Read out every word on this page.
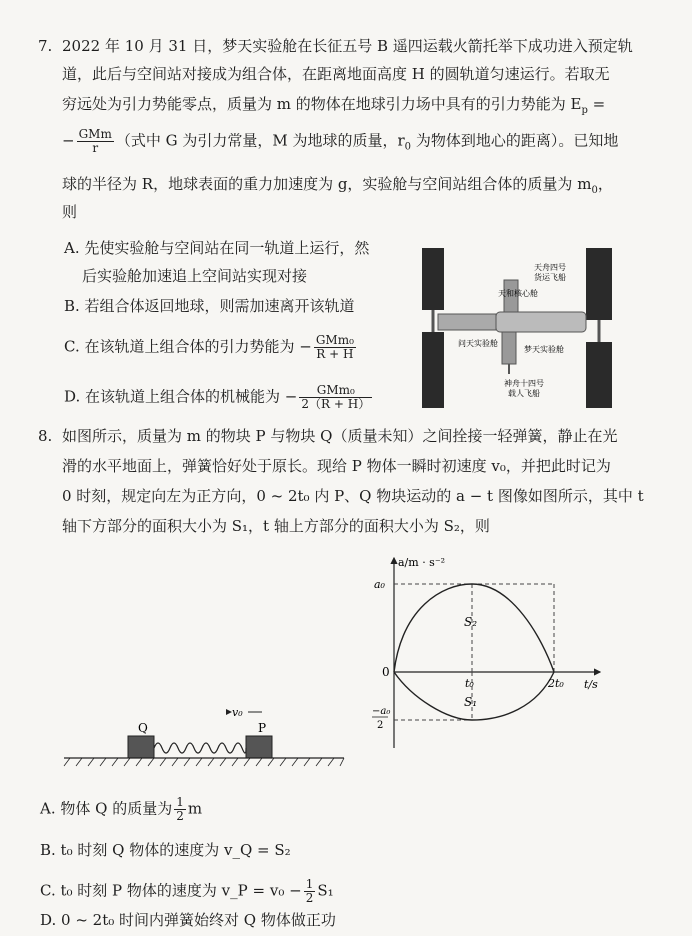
7. 2022 年 10 月 31 日，梦天实验舱在长征五号 B 遥四运载火箭托举下成功进入预定轨
道，此后与空间站对接成为组合体，在距离地面高度 H 的圆轨道匀速运行。若取无
穷远处为引力势能零点，质量为 m 的物体在地球引力场中具有的引力势能为 $E_p$ =
− $\frac{\text{GMm}}{r}$ （式中 G 为引力常量，M 为地球的质量，$r_0$ 为物体到地心的距离）。已知地
球的半径为 R，地球表面的重力加速度为 g，实验舱与空间站组合体的质量为 $m_0$，
则
A. 先使实验舱与空间站在同一轨道上运行，然
后实验舱加速追上空间站实现对接
B. 若组合体返回地球，则需加速离开该轨道
C. 在该轨道上组合体的引力势能为 − $\frac{\text{GMm₀}}{R + H}$
D. 在该轨道上组合体的机械能为 − $\frac{\text{GMm₀}}{2(R + H)}$
天和核心舱
天舟四号
货运飞船
问天实验舱
梦天实验舱
神舟十四号
载人飞船
8. 如图所示，质量为 m 的物块 P 与物块 Q（质量未知）之间拴接一轻弹簧，静止在光
滑的水平地面上，弹簧恰好处于原长。现给 P 物体一瞬时初速度 v₀，并把此时记为
0 时刻，规定向左为正方向，0 ~ 2t₀ 内 P、Q 物块运动的 a − t 图像如图所示，其中 t
轴下方部分的面积大小为 S₁，t 轴上方部分的面积大小为 S₂，则
a/m · s⁻²
t/s
0
a₀
−a₀
2
t₀	2t₀
S₂
S₁
v₀
Q	P
A. 物体 Q 的质量为 $\frac{1}{2}$ m
B. t₀ 时刻 Q 物体的速度为 v_Q = S₂
C. t₀ 时刻 P 物体的速度为 v_P = $v_0 - \frac{1}{2} S_1$
D. 0 ~ 2t₀ 时间内弹簧始终对 Q 物体做正功
